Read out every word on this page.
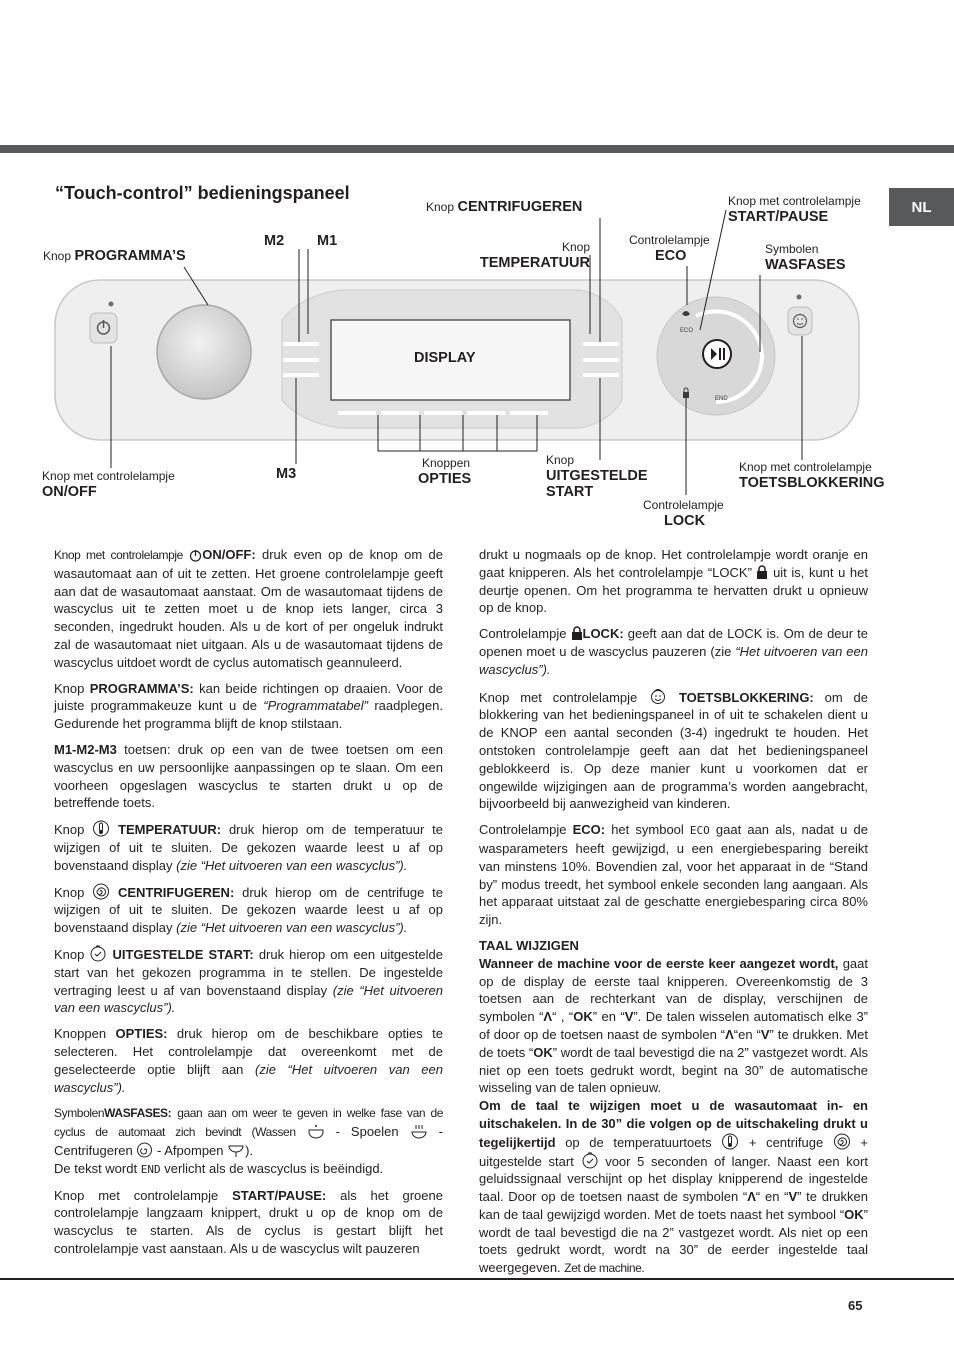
NL
“Touch-control” bedieningspaneel
ECO
END
Knop PROGRAMMA’S
M2 M1
M3
Knop CENTRIFUGEREN
Knop
TEMPERATUUR
Controlelampje
ECO
Knop met controlelampje
START/PAUSE
Symbolen
WASFASES
DISPLAY
Knop met controlelampje
ON/OFF
Knoppen
OPTIES
Knop
UITGESTELDE
START
Controlelampje
LOCK
Knop met controlelampje
TOETSBLOKKERING

Knop met controlelampje ON/OFF: druk even op de knop om de wasautomaat aan of uit te zetten. Het groene controlelampje geeft aan dat de wasautomaat aanstaat. Om de wasautomaat tijdens de wascyclus uit te zetten moet u de knop iets langer, circa 3 seconden, ingedrukt houden. Als u de kort of per ongeluk indrukt zal de wasautomaat niet uitgaan. Als u de wasautomaat tijdens de wascyclus uitdoet wordt de cyclus automatisch geannuleerd.

Knop PROGRAMMA’S: kan beide richtingen op draaien. Voor de juiste programmakeuze kunt u de “Programmatabel” raadplegen. Gedurende het programma blijft de knop stilstaan.

M1-M2-M3 toetsen: druk op een van de twee toetsen om een wascyclus en uw persoonlijke aanpassingen op te slaan. Om een voorheen opgeslagen wascyclus te starten drukt u op de betreffende toets.

Knop	TEMPERATUUR: druk hierop om de temperatuur te wijzigen of uit te sluiten. De gekozen waarde leest u af op bovenstaand display (zie “Het uitvoeren van een wascyclus”).

Knop	CENTRIFUGEREN: druk hierop om de centrifuge te wijzigen of uit te sluiten. De gekozen waarde leest u af op bovenstaand display (zie “Het uitvoeren van een wascyclus”).

Knop UITGESTELDE START: druk hierop om een uitgestelde start van het gekozen programma in te stellen. De ingestelde vertraging leest u af van bovenstaand display (zie “Het uitvoeren van een wascyclus”).

Knoppen OPTIES: druk hierop om de beschikbare opties te selecteren. Het controlelampje dat overeenkomt met de geselecteerde optie blijft aan (zie “Het uitvoeren van een wascyclus”).

SymbolenWASFASES: gaan aan om weer te geven in welke fase van de cyclus de automaat zich bevindt (Wassen	- Spoelen	- Centrifugeren - Afpompen ).
De tekst wordt END verlicht als de wascyclus is beëindigd.

Knop met controlelampje START/PAUSE: als het groene controlelampje langzaam knippert, drukt u op de knop om de wascyclus te starten. Als de cyclus is gestart blijft het controlelampje vast aanstaan. Als u de wascyclus wilt pauzeren

drukt u nogmaals op de knop. Het controlelampje wordt oranje en gaat knipperen. Als het controlelampje “LOCK” uit is, kunt u het deurtje openen. Om het programma te hervatten drukt u opnieuw op de knop.

Controlelampje LOCK: geeft aan dat de LOCK is. Om de deur te openen moet u de wascyclus pauzeren (zie “Het uitvoeren van een wascyclus”).

Knop met controlelampje	TOETSBLOKKERING: om de blokkering van het bedieningspaneel in of uit te schakelen dient u de KNOP een aantal seconden (3-4) ingedrukt te houden. Het ontstoken controlelampje geeft aan dat het bedieningspaneel geblokkeerd is. Op deze manier kunt u voorkomen dat er ongewilde wijzigingen aan de programma’s worden aangebracht, bijvoorbeeld bij aanwezigheid van kinderen.

Controlelampje ECO: het symbool ECO gaat aan als, nadat u de wasparameters heeft gewijzigd, u een energiebesparing bereikt van minstens 10%. Bovendien zal, voor het apparaat in de “Stand by” modus treedt, het symbool enkele seconden lang aangaan. Als het apparaat uitstaat zal de geschatte energiebesparing circa 80% zijn.

TAAL WIJZIGEN
Wanneer de machine voor de eerste keer aangezet wordt, gaat op de display de eerste taal knipperen. Overeenkomstig de 3 toetsen aan de rechterkant van de display, verschijnen de symbolen “Λ“ , “OK” en “V”. De talen wisselen automatisch elke 3” of door op de toetsen naast de symbolen “Λ“en “V” te drukken. Met de toets “OK” wordt de taal bevestigd die na 2” vastgezet wordt. Als niet op een toets gedrukt wordt, begint na 30” de automatische wisseling van de talen opnieuw.
Om de taal te wijzigen moet u de wasautomaat in- en uitschakelen. In de 30” die volgen op de uitschakeling drukt u tegelijkertijd op de temperatuurtoets	+ centrifuge	+ uitgestelde start voor 5 seconden of langer. Naast een kort geluidssignaal verschijnt op het display knipperend de ingestelde taal. Door op de toetsen naast de symbolen “Λ“ en “V” te drukken kan de taal gewijzigd worden. Met de toets naast het symbool “OK” wordt de taal bevestigd die na 2” vastgezet wordt. Als niet op een toets gedrukt wordt, wordt na 30” de eerder ingestelde taal weergegeven. Zet de machine.
65
